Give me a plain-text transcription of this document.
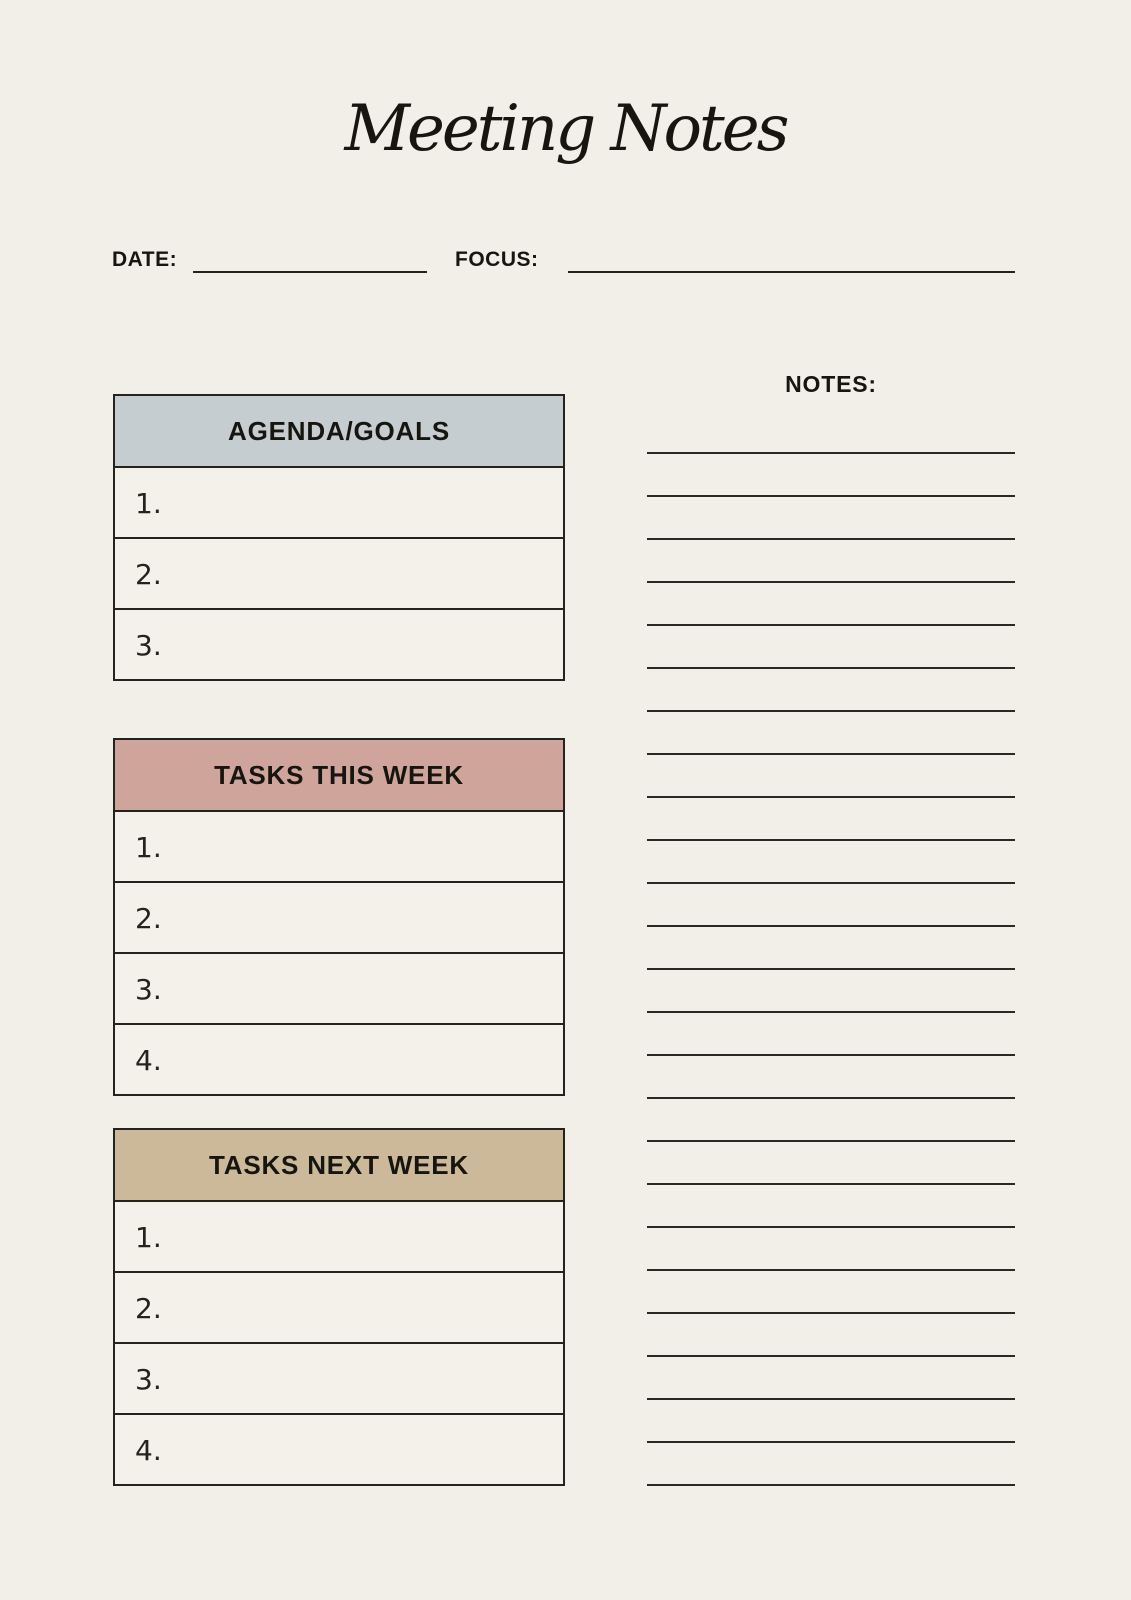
Meeting Notes
DATE:	FOCUS:
AGENDA/GOALS
1.
2.
3.
TASKS THIS WEEK
1.
2.
3.
4.
TASKS NEXT WEEK
1.
2.
3.
4.
NOTES:
